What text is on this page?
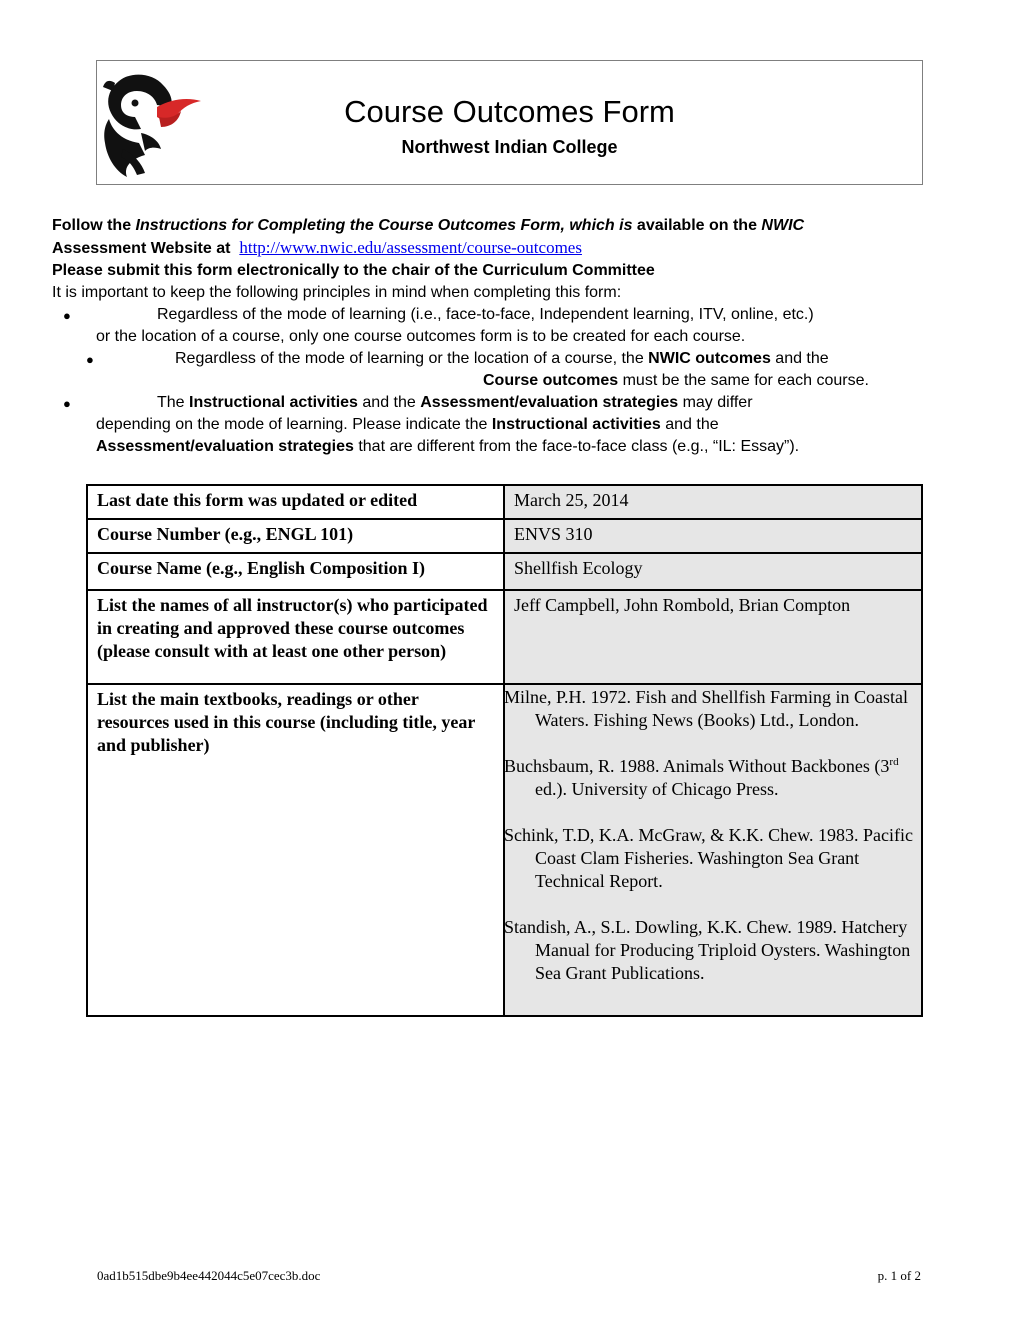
Course Outcomes Form
Northwest Indian College
Follow the Instructions for Completing the Course Outcomes Form, which is available on the NWIC
Assessment Website at http://www.nwic.edu/assessment/course-outcomes
Please submit this form electronically to the chair of the Curriculum Committee
It is important to keep the following principles in mind when completing this form:
●	Regardless of the mode of learning (i.e., face-to-face, Independent learning, ITV, online, etc.)
or the location of a course, only one course outcomes form is to be created for each course.
●	Regardless of the mode of learning or the location of a course, the NWIC outcomes and the
Course outcomes must be the same for each course.
●	The Instructional activities and the Assessment/evaluation strategies may differ
depending on the mode of learning. Please indicate the Instructional activities and the
Assessment/evaluation strategies that are different from the face-to-face class (e.g., “IL: Essay”).
Last date this form was updated or edited	March 25, 2014

Course Number (e.g., ENGL 101)	ENVS 310

Course Name (e.g., English Composition I)	Shellfish Ecology

List the names of all instructor(s) who participated in creating and approved these course outcomes (please consult with at least one other person)	Jeff Campbell, John Rombold, Brian Compton

List the main textbooks, readings or other resources used in this course (including title, year and publisher)	Milne, P.H. 1972. Fish and Shellfish Farming in Coastal Waters. Fishing News (Books) Ltd., London.
Buchsbaum, R. 1988. Animals Without Backbones (3rd ed.). University of Chicago Press.
Schink, T.D, K.A. McGraw, & K.K. Chew. 1983. Pacific Coast Clam Fisheries. Washington Sea Grant Technical Report.
Standish, A., S.L. Dowling, K.K. Chew. 1989. Hatchery Manual for Producing Triploid Oysters. Washington Sea Grant Publications.
0ad1b515dbe9b4ee442044c5e07cec3b.doc	p. 1 of 2
